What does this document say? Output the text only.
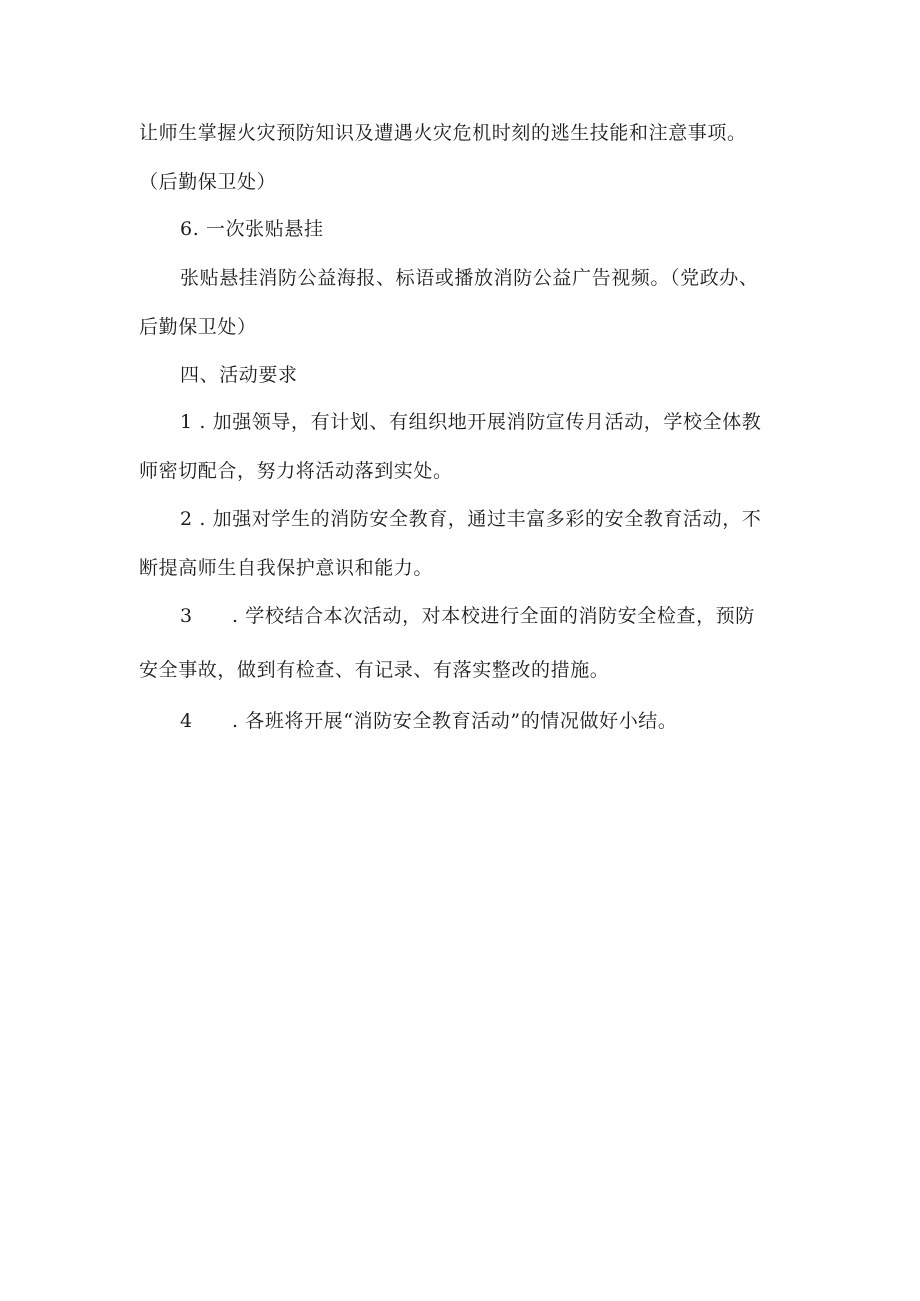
让师生掌握火灾预防知识及遭遇火灾危机时刻的逃生技能和注意事项。
（后勤保卫处）
6. 一次张贴悬挂
张贴悬挂消防公益海报、标语或播放消防公益广告视频。（党政办、
后勤保卫处）
四、活动要求
1 . 加强领导，有计划、有组织地开展消防宣传月活动，学校全体教
师密切配合，努力将活动落到实处。
2 . 加强对学生的消防安全教育，通过丰富多彩的安全教育活动，不
断提高师生自我保护意识和能力。
3 . 学校结合本次活动，对本校进行全面的消防安全检查，预防
安全事故，做到有检查、有记录、有落实整改的措施。
4 . 各班将开展“消防安全教育活动”的情况做好小结。
